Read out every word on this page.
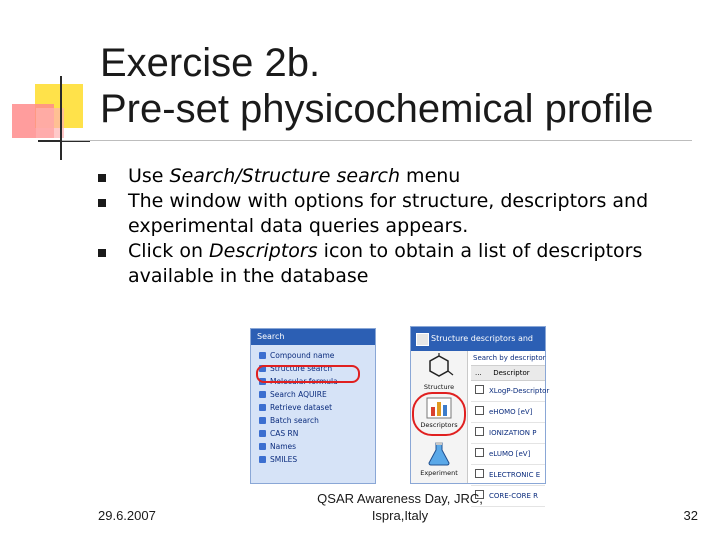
Exercise 2b.
Pre-set physicochemical profile
Use Search/Structure search menu
The window with options for structure, descriptors and experimental data queries appears.
Click on Descriptors icon to obtain a list of descriptors available in the database
Search
Compound name
Structure search
Molecular formula
Search AQUIRE
Retrieve dataset
Batch search
CAS RN
Names
SMILES
Structure descriptors and
Structure
Descriptors
Experiment
Search by descriptor
... Descriptor
XLogP-Descriptor
eHOMO [eV]
IONIZATION P
eLUMO [eV]
ELECTRONIC E
CORE-CORE R
29.6.2007
QSAR Awareness Day, JRC,
Ispra,Italy	32
